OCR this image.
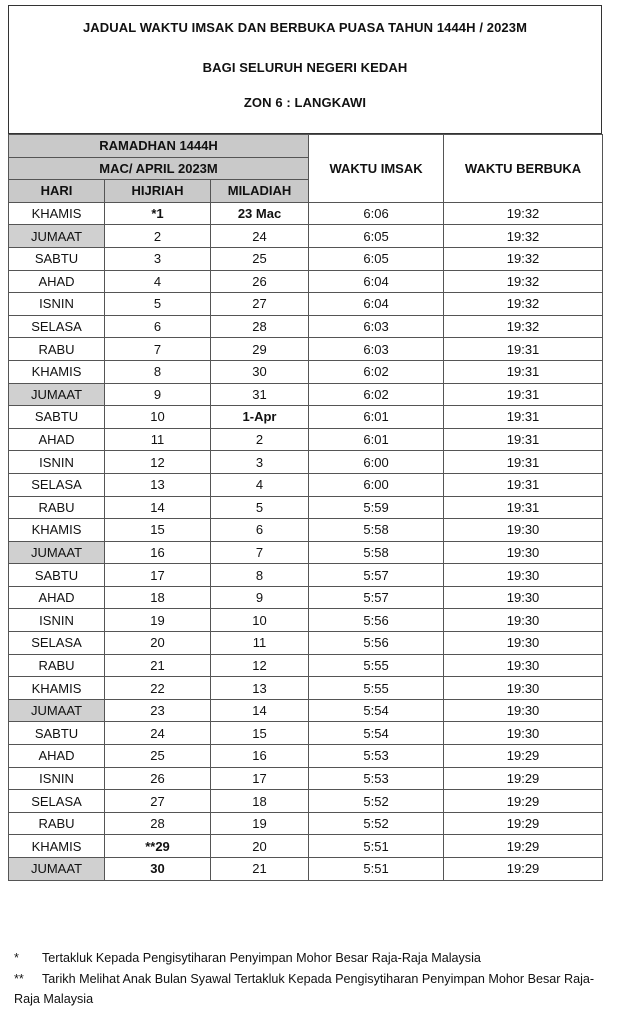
JADUAL WAKTU IMSAK DAN BERBUKA PUASA TAHUN 1444H / 2023M
BAGI SELURUH NEGERI KEDAH
ZON 6 : LANGKAWI
RAMADHAN 1444H			WAKTU IMSAK	WAKTU BERBUKA
MAC/ APRIL 2023M				
HARI	HIJRIAH	MILADIAH		
KHAMIS	*1	23 Mac	6:06	19:32
JUMAAT	2	24	6:05	19:32
SABTU	3	25	6:05	19:32
AHAD	4	26	6:04	19:32
ISNIN	5	27	6:04	19:32
SELASA	6	28	6:03	19:32
RABU	7	29	6:03	19:31
KHAMIS	8	30	6:02	19:31
JUMAAT	9	31	6:02	19:31
SABTU	10	1-Apr	6:01	19:31
AHAD	11	2	6:01	19:31
ISNIN	12	3	6:00	19:31
SELASA	13	4	6:00	19:31
RABU	14	5	5:59	19:31
KHAMIS	15	6	5:58	19:30
JUMAAT	16	7	5:58	19:30
SABTU	17	8	5:57	19:30
AHAD	18	9	5:57	19:30
ISNIN	19	10	5:56	19:30
SELASA	20	11	5:56	19:30
RABU	21	12	5:55	19:30
KHAMIS	22	13	5:55	19:30
JUMAAT	23	14	5:54	19:30
SABTU	24	15	5:54	19:30
AHAD	25	16	5:53	19:29
ISNIN	26	17	5:53	19:29
SELASA	27	18	5:52	19:29
RABU	28	19	5:52	19:29
KHAMIS	**29	20	5:51	19:29
JUMAAT	30	21	5:51	19:29
* Tertakluk Kepada Pengisytiharan Penyimpan Mohor Besar Raja-Raja Malaysia
** Tarikh Melihat Anak Bulan Syawal Tertakluk Kepada Pengisytiharan Penyimpan Mohor Besar Raja-Raja Malaysia
